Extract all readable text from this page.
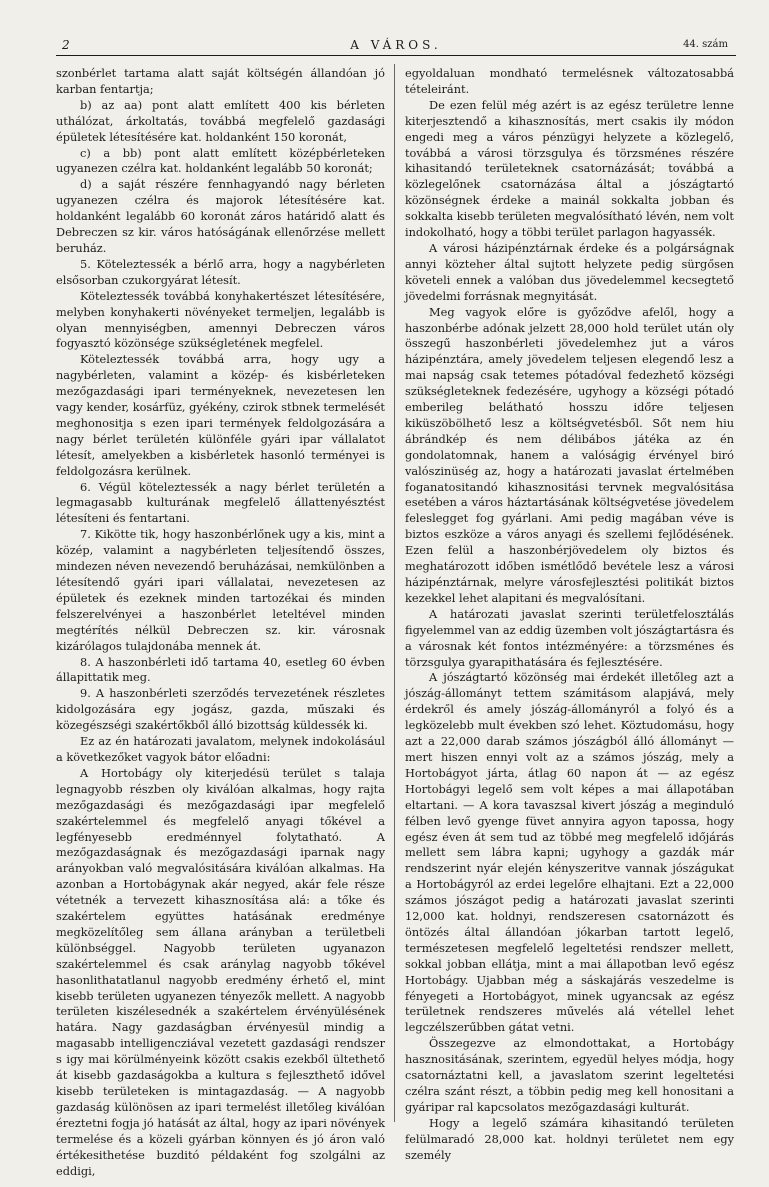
2	A VÁROS.	44. szám

szonbérlet tartama alatt saját költségén állandóan jó karban fentartja;

b) az aa) pont alatt említett 400 kis bérleten uthálózat, árkoltatás, továbbá megfelelő gazdasági épületek létesítésére kat. holdanként 150 koronát,

c) a bb) pont alatt említett középbérleteken ugyanezen czélra kat. holdanként legalább 50 koronát;

d) a saját részére fennhagyandó nagy bérleten ugyanezen czélra és majorok létesítésére kat. holdanként legalább 60 koronát záros határidő alatt és Debreczen sz kir. város hatóságának ellenőrzése mellett beruház.

5. Köteleztessék a bérlő arra, hogy a nagybérleten elsősorban czukorgyárat létesít.

Köteleztessék továbbá konyhakertészet létesítésére, melyben konyhakerti növényeket termeljen, legalább is olyan mennyiségben, amennyi Debreczen város fogyasztó közönsége szükségletének megfelel.

Köteleztessék továbbá arra, hogy ugy a nagybérleten, valamint a közép- és kisbérleteken mezőgazdasági ipari terményeknek, nevezetesen len vagy kender, kosárfüz, gyékény, czirok stbnek termelését meghonositja s ezen ipari termények feldolgozására a nagy bérlet területén különféle gyári ipar vállalatot létesít, amelyekben a kisbérletek hasonló terményei is feldolgozásra kerülnek.

6. Végül köteleztessék a nagy bérlet területén a legmagasabb kulturának megfelelő állattenyésztést létesíteni és fentartani.

7. Kikötte tik, hogy haszonbérlőnek ugy a kis, mint a közép, valamint a nagybérleten teljesítendő összes, mindezen néven nevezendő beruházásai, nemkülönben a létesítendő gyári ipari vállalatai, nevezetesen az épületek és ezeknek minden tartozékai és minden felszerelvényei a haszonbérlet leteltével minden megtérítés nélkül Debreczen sz. kir. városnak kizárólagos tulajdonába mennek át.

8. A haszonbérleti idő tartama 40, esetleg 60 évben állapittatik meg.

9. A haszonbérleti szerződés tervezetének részletes kidolgozására egy jogász, gazda, műszaki és közegészségi szakértőkből álló bizottság küldessék ki.

Ez az én határozati javalatom, melynek indokolásául a következőket vagyok bátor előadni:

A Hortobágy oly kiterjedésü terület s talaja legnagyobb részben oly kiválóan alkalmas, hogy rajta mezőgazdasági és mezőgazdasági ipar megfelelő szakértelemmel és megfelelő anyagi tőkével a legfényesebb eredménnyel folytatható. A mezőgazdaságnak és mezőgazdasági iparnak nagy arányokban való megvalósitására kiválóan alkalmas. Ha azonban a Hortobágynak akár negyed, akár fele része vétetnék a tervezett kihasznosítása alá: a tőke és szakértelem együttes hatásának eredménye megközelítőleg sem állana arányban a területbeli különbséggel. Nagyobb területen ugyanazon szakértelemmel és csak aránylag nagyobb tőkével hasonlithatatlanul nagyobb eredmény érhető el, mint kisebb területen ugyanezen tényezők mellett. A nagyobb területen kiszélesednék a szakértelem érvényülésének határa. Nagy gazdaságban érvényesül mindig a magasabb intelligencziával vezetett gazdasági rendszer s igy mai körülményeink között csakis ezekből ültethető át kisebb gazdaságokba a kultura s fejleszthető idővel kisebb területeken is mintagazdaság. — A nagyobb gazdaság különösen az ipari termelést illetőleg kiválóan éreztetni fogja jó hatását az által, hogy az ipari növények termelése és a közeli gyárban könnyen és jó áron való értékesithetése buzditó példaként fog szolgálni az eddigi,

egyoldaluan mondható termelésnek változatosabbá tételeiránt.

De ezen felül még azért is az egész területre lenne kiterjesztendő a kihasznosítás, mert csakis ily módon engedi meg a város pénzügyi helyzete a közlegelő, továbbá a városi törzsgulya és törzsménes részére kihasitandó területeknek csatornázását; továbbá a közlegelőnek csatornázása által a jószágtartó közönségnek érdeke a mainál sokkalta jobban és sokkalta kisebb területen megvalósítható lévén, nem volt indokolható, hogy a többi terület parlagon hagyassék.

A városi házipénztárnak érdeke és a polgárságnak annyi közteher által sujtott helyzete pedig sürgősen követeli ennek a valóban dus jövedelemmel kecsegtető jövedelmi forrásnak megnyitását.

Meg vagyok előre is győződve afelől, hogy a haszonbérbe adónak jelzett 28,000 hold terület után oly összegű haszonbérleti jövedelemhez jut a város házipénztára, amely jövedelem teljesen elegendő lesz a mai napság csak tetemes pótadóval fedezhető községi szükségleteknek fedezésére, ugyhogy a községi pótadó emberileg belátható hosszu időre teljesen kiküszöbölhető lesz a költségvetésből. Sőt nem hiu ábrándkép és nem délibábos játéka az én gondolatomnak, hanem a valóságig érvényel biró valószinüség az, hogy a határozati javaslat értelmében foganatositandó kihasznositási tervnek megvalósitása esetében a város háztartásának költségvetése jövedelem feleslegget fog gyárlani. Ami pedig magában véve is biztos eszköze a város anyagi és szellemi fejlődésének. Ezen felül a haszonbérjövedelem oly biztos és meghatározott időben ismétlődő bevétele lesz a városi házipénztárnak, melyre városfejlesztési politikát biztos kezekkel lehet alapitani és megvalósítani.

A határozati javaslat szerinti területfelosztálás figyelemmel van az eddig üzemben volt jószágtartásra és a városnak két fontos intézményére: a törzsménes és törzsgulya gyarapithatására és fejlesztésére.

A jószágtartó közönség mai érdekét illetőleg azt a jószág-állományt tettem számitásom alapjává, mely érdekről és amely jószág-állományról a folyó és a legközelebb mult években szó lehet. Köztudomásu, hogy azt a 22,000 darab számos jószágból álló állományt — mert hiszen ennyi volt az a számos jószág, mely a Hortobágyot járta, átlag 60 napon át — az egész Hortobágyi legelő sem volt képes a mai állapotában eltartani. — A kora tavaszsal kivert jószág a meginduló félben levő gyenge füvet annyira agyon tapossa, hogy egész éven át sem tud az többé meg megfelelő időjárás mellett sem lábra kapni; ugyhogy a gazdák már rendszerint nyár elején kényszeritve vannak jószágukat a Hortobágyról az erdei legelőre elhajtani. Ezt a 22,000 számos jószágot pedig a határozati javaslat szerinti 12,000 kat. holdnyi, rendszeresen csatornázott és öntözés által állandóan jókarban tartott legelő, természetesen megfelelő legeltetési rendszer mellett, sokkal jobban ellátja, mint a mai állapotban levő egész Hortobágy. Ujabban még a sáskajárás veszedelme is fényegeti a Hortobágyot, minek ugyancsak az egész területnek rendszeres művelés alá vétellel lehet legczélszerűbben gátat vetni.

Összegezve az elmondottakat, a Hortobágy hasznositásának, szerintem, egyedül helyes módja, hogy csatornáztatni kell, a javaslatom szerint legeltetési czélra szánt részt, a többin pedig meg kell honositani a gyáripar ral kapcsolatos mezőgazdasági kulturát.

Hogy a legelő számára kihasitandó területen felülmaradó 28,000 kat. holdnyi területet nem egy személy
